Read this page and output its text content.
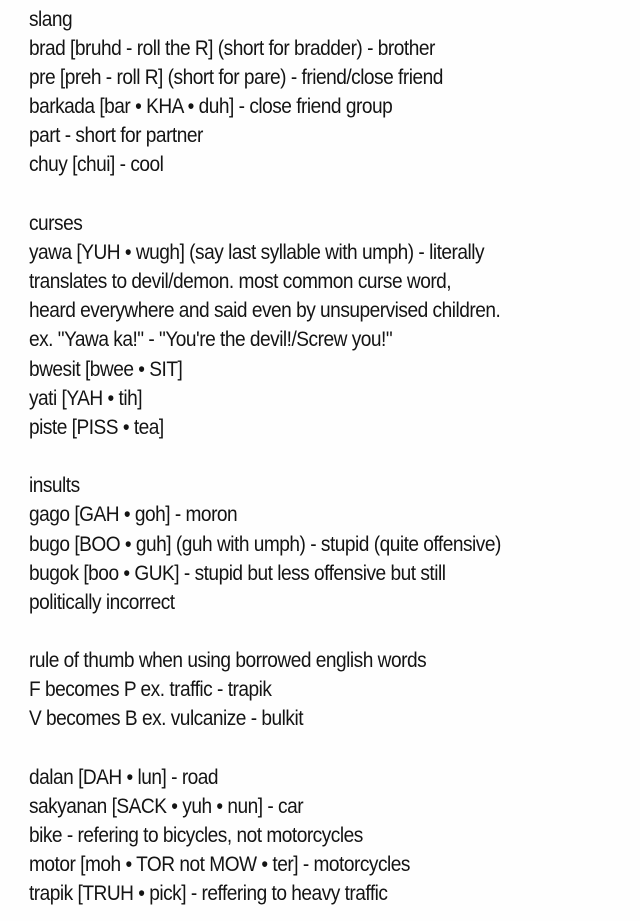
slang
brad [bruhd - roll the R] (short for bradder) - brother
pre [preh - roll R] (short for pare) - friend/close friend
barkada [bar • KHA • duh] - close friend group
part - short for partner
chuy [chui] - cool
curses
yawa [YUH • wugh] (say last syllable with umph) - literally
translates to devil/demon. most common curse word,
heard everywhere and said even by unsupervised children.
ex. "Yawa ka!" - "You're the devil!/Screw you!"
bwesit [bwee • SIT]
yati [YAH • tih]
piste [PISS • tea]
insults
gago [GAH • goh] - moron
bugo [BOO • guh] (guh with umph) - stupid (quite offensive)
bugok [boo • GUK] - stupid but less offensive but still
politically incorrect
rule of thumb when using borrowed english words
F becomes P ex. traffic - trapik
V becomes B ex. vulcanize - bulkit
dalan [DAH • lun] - road
sakyanan [SACK • yuh • nun] - car
bike - refering to bicycles, not motorcycles
motor [moh • TOR not MOW • ter] - motorcycles
trapik [TRUH • pick] - reffering to heavy traffic
